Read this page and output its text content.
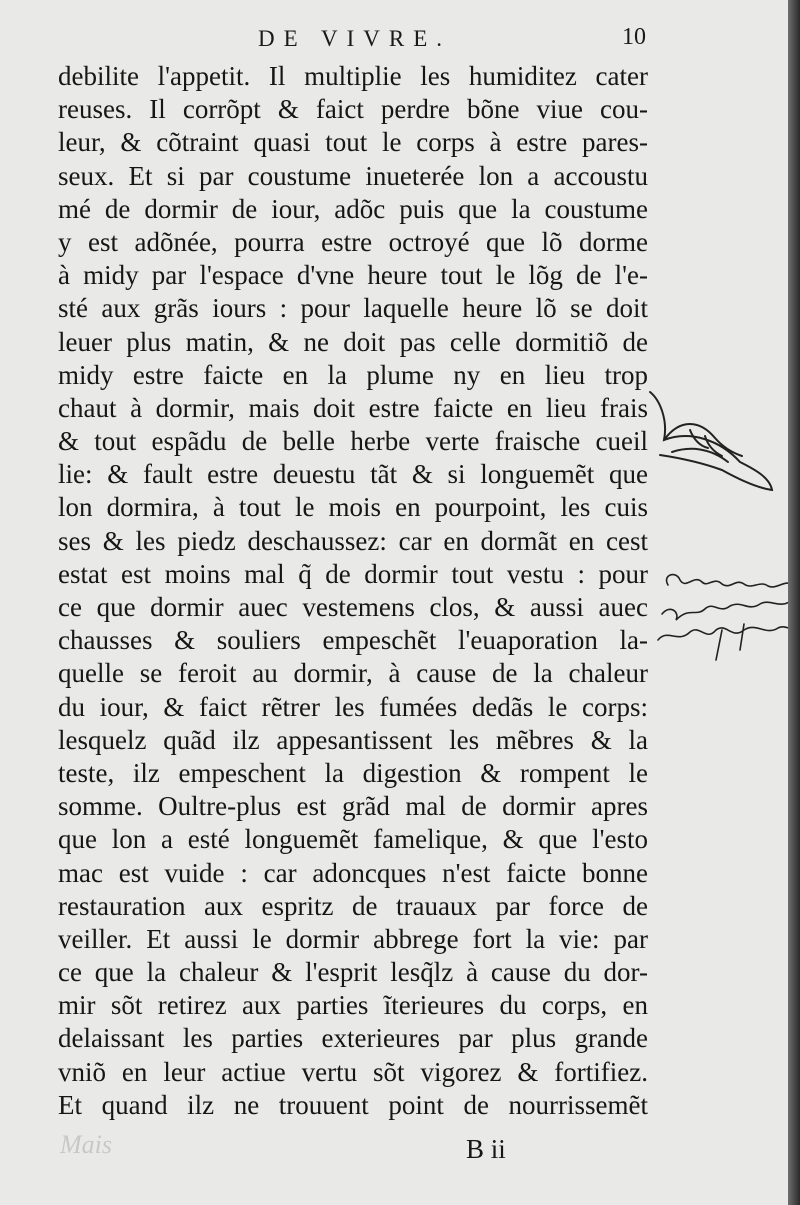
DE VIVRE.	10
debilite l'appetit. Il multiplie les humiditez cater
reuses. Il corrõpt & faict perdre bõne viue cou-
leur, & cõtraint quasi tout le corps à estre pares-
seux. Et si par coustume inueterée lon a accoustu
mé de dormir de iour, adõc puis que la coustume
y est adõnée, pourra estre octroyé que lõ dorme
à midy par l'espace d'vne heure tout le lõg de l'e-
sté aux grãs iours : pour laquelle heure lõ se doit
leuer plus matin, & ne doit pas celle dormitiõ de
midy estre faicte en la plume ny en lieu trop
chaut à dormir, mais doit estre faicte en lieu frais
& tout espãdu de belle herbe verte fraische cueil
lie: & fault estre deuestu tãt & si longuemẽt que
lon dormira, à tout le mois en pourpoint, les cuis
ses & les piedz deschaussez: car en dormãt en cest
estat est moins mal q̃ de dormir tout vestu : pour
ce que dormir auec vestemens clos, & aussi auec
chausses & souliers empeschẽt l'euaporation la-
quelle se feroit au dormir, à cause de la chaleur
du iour, & faict rẽtrer les fumées dedãs le corps:
lesquelz quãd ilz appesantissent les mẽbres & la
teste, ilz empeschent la digestion & rompent le
somme. Oultre-plus est grãd mal de dormir apres
que lon a esté longuemẽt famelique, & que l'esto
mac est vuide : car adoncques n'est faicte bonne
restauration aux espritz de trauaux par force de
veiller. Et aussi le dormir abbrege fort la vie: par
ce que la chaleur & l'esprit lesq̃lz à cause du dor-
mir sõt retirez aux parties ĩterieures du corps, en
delaissant les parties exterieures par plus grande
vniõ en leur actiue vertu sõt vigorez & fortifiez.
Et quand ilz ne trouuent point de nourrissemẽt
Mais	B ii
